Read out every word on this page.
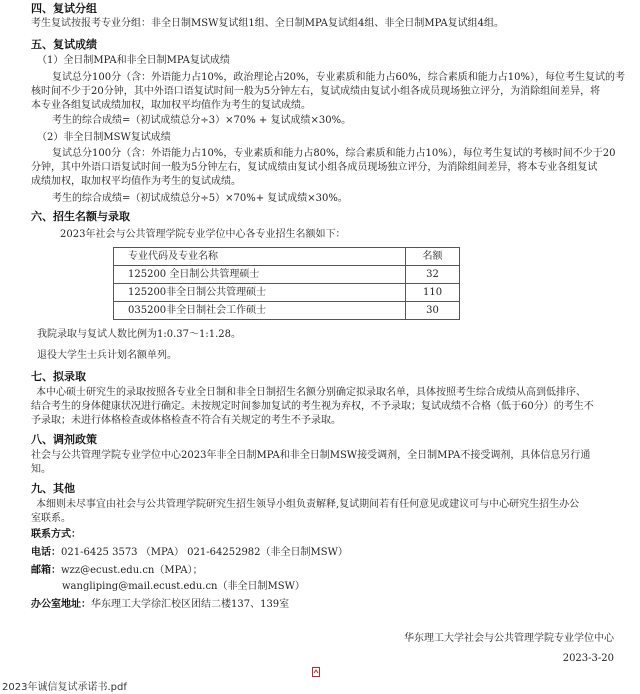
四、复试分组
考生复试按报考专业分组：非全日制MSW复试组1组、全日制MPA复试组4组、非全日制MPA复试组4组。
五、复试成绩
（1）全日制MPA和非全日制MPA复试成绩
复试总分100分（含：外语能力占10%，政治理论占20%，专业素质和能力占60%，综合素质和能力占10%），每位考生复试的考
核时间不少于20分钟，其中外语口语复试时间一般为5分钟左右，复试成绩由复试小组各成员现场独立评分，为消除组间差异，将
本专业各组复试成绩加权，取加权平均值作为考生的复试成绩。
考生的综合成绩=（初试成绩总分÷3）×70% + 复试成绩×30%。
（2）非全日制MSW复试成绩
复试总分100分（含：外语能力占10%，专业素质和能力占80%，综合素质和能力占10%），每位考生复试的考核时间不少于20
分钟，其中外语口语复试时间一般为5分钟左右，复试成绩由复试小组各成员现场独立评分，为消除组间差异，将本专业各组复试
成绩加权，取加权平均值作为考生的复试成绩。
考生的综合成绩=（初试成绩总分÷5）×70%+ 复试成绩×30%。
六、招生名额与录取
2023年社会与公共管理学院专业学位中心各专业招生名额如下：
专业代码及专业名称	名额
125200 全日制公共管理硕士	32
125200非全日制公共管理硕士	110
035200非全日制社会工作硕士	30
我院录取与复试人数比例为1:0.37～1:1.28。
退役大学生士兵计划名额单列。
七、拟录取
本中心硕士研究生的录取按照各专业全日制和非全日制招生名额分别确定拟录取名单，具体按照考生综合成绩从高到低排序、
结合考生的身体健康状况进行确定。未按规定时间参加复试的考生视为弃权，不予录取；复试成绩不合格（低于60分）的考生不
予录取；未进行体格检查或体格检查不符合有关规定的考生不予录取。
八、调剂政策
社会与公共管理学院专业学位中心2023年非全日制MPA和非全日制MSW接受调剂，全日制MPA不接受调剂，具体信息另行通
知。
九、其他
本细则未尽事宜由社会与公共管理学院研究生招生领导小组负责解释,复试期间若有任何意见或建议可与中心研究生招生办公
室联系。
联系方式：
电话：021-6425 3573 （MPA） 021-64252982（非全日制MSW）
邮箱：wzz@ecust.edu.cn（MPA）；
wangliping@mail.ecust.edu.cn（非全日制MSW）
办公室地址：华东理工大学徐汇校区团结二楼137、139室
华东理工大学社会与公共管理学院专业学位中心
2023-3-20
2023年诚信复试承诺书.pdf
